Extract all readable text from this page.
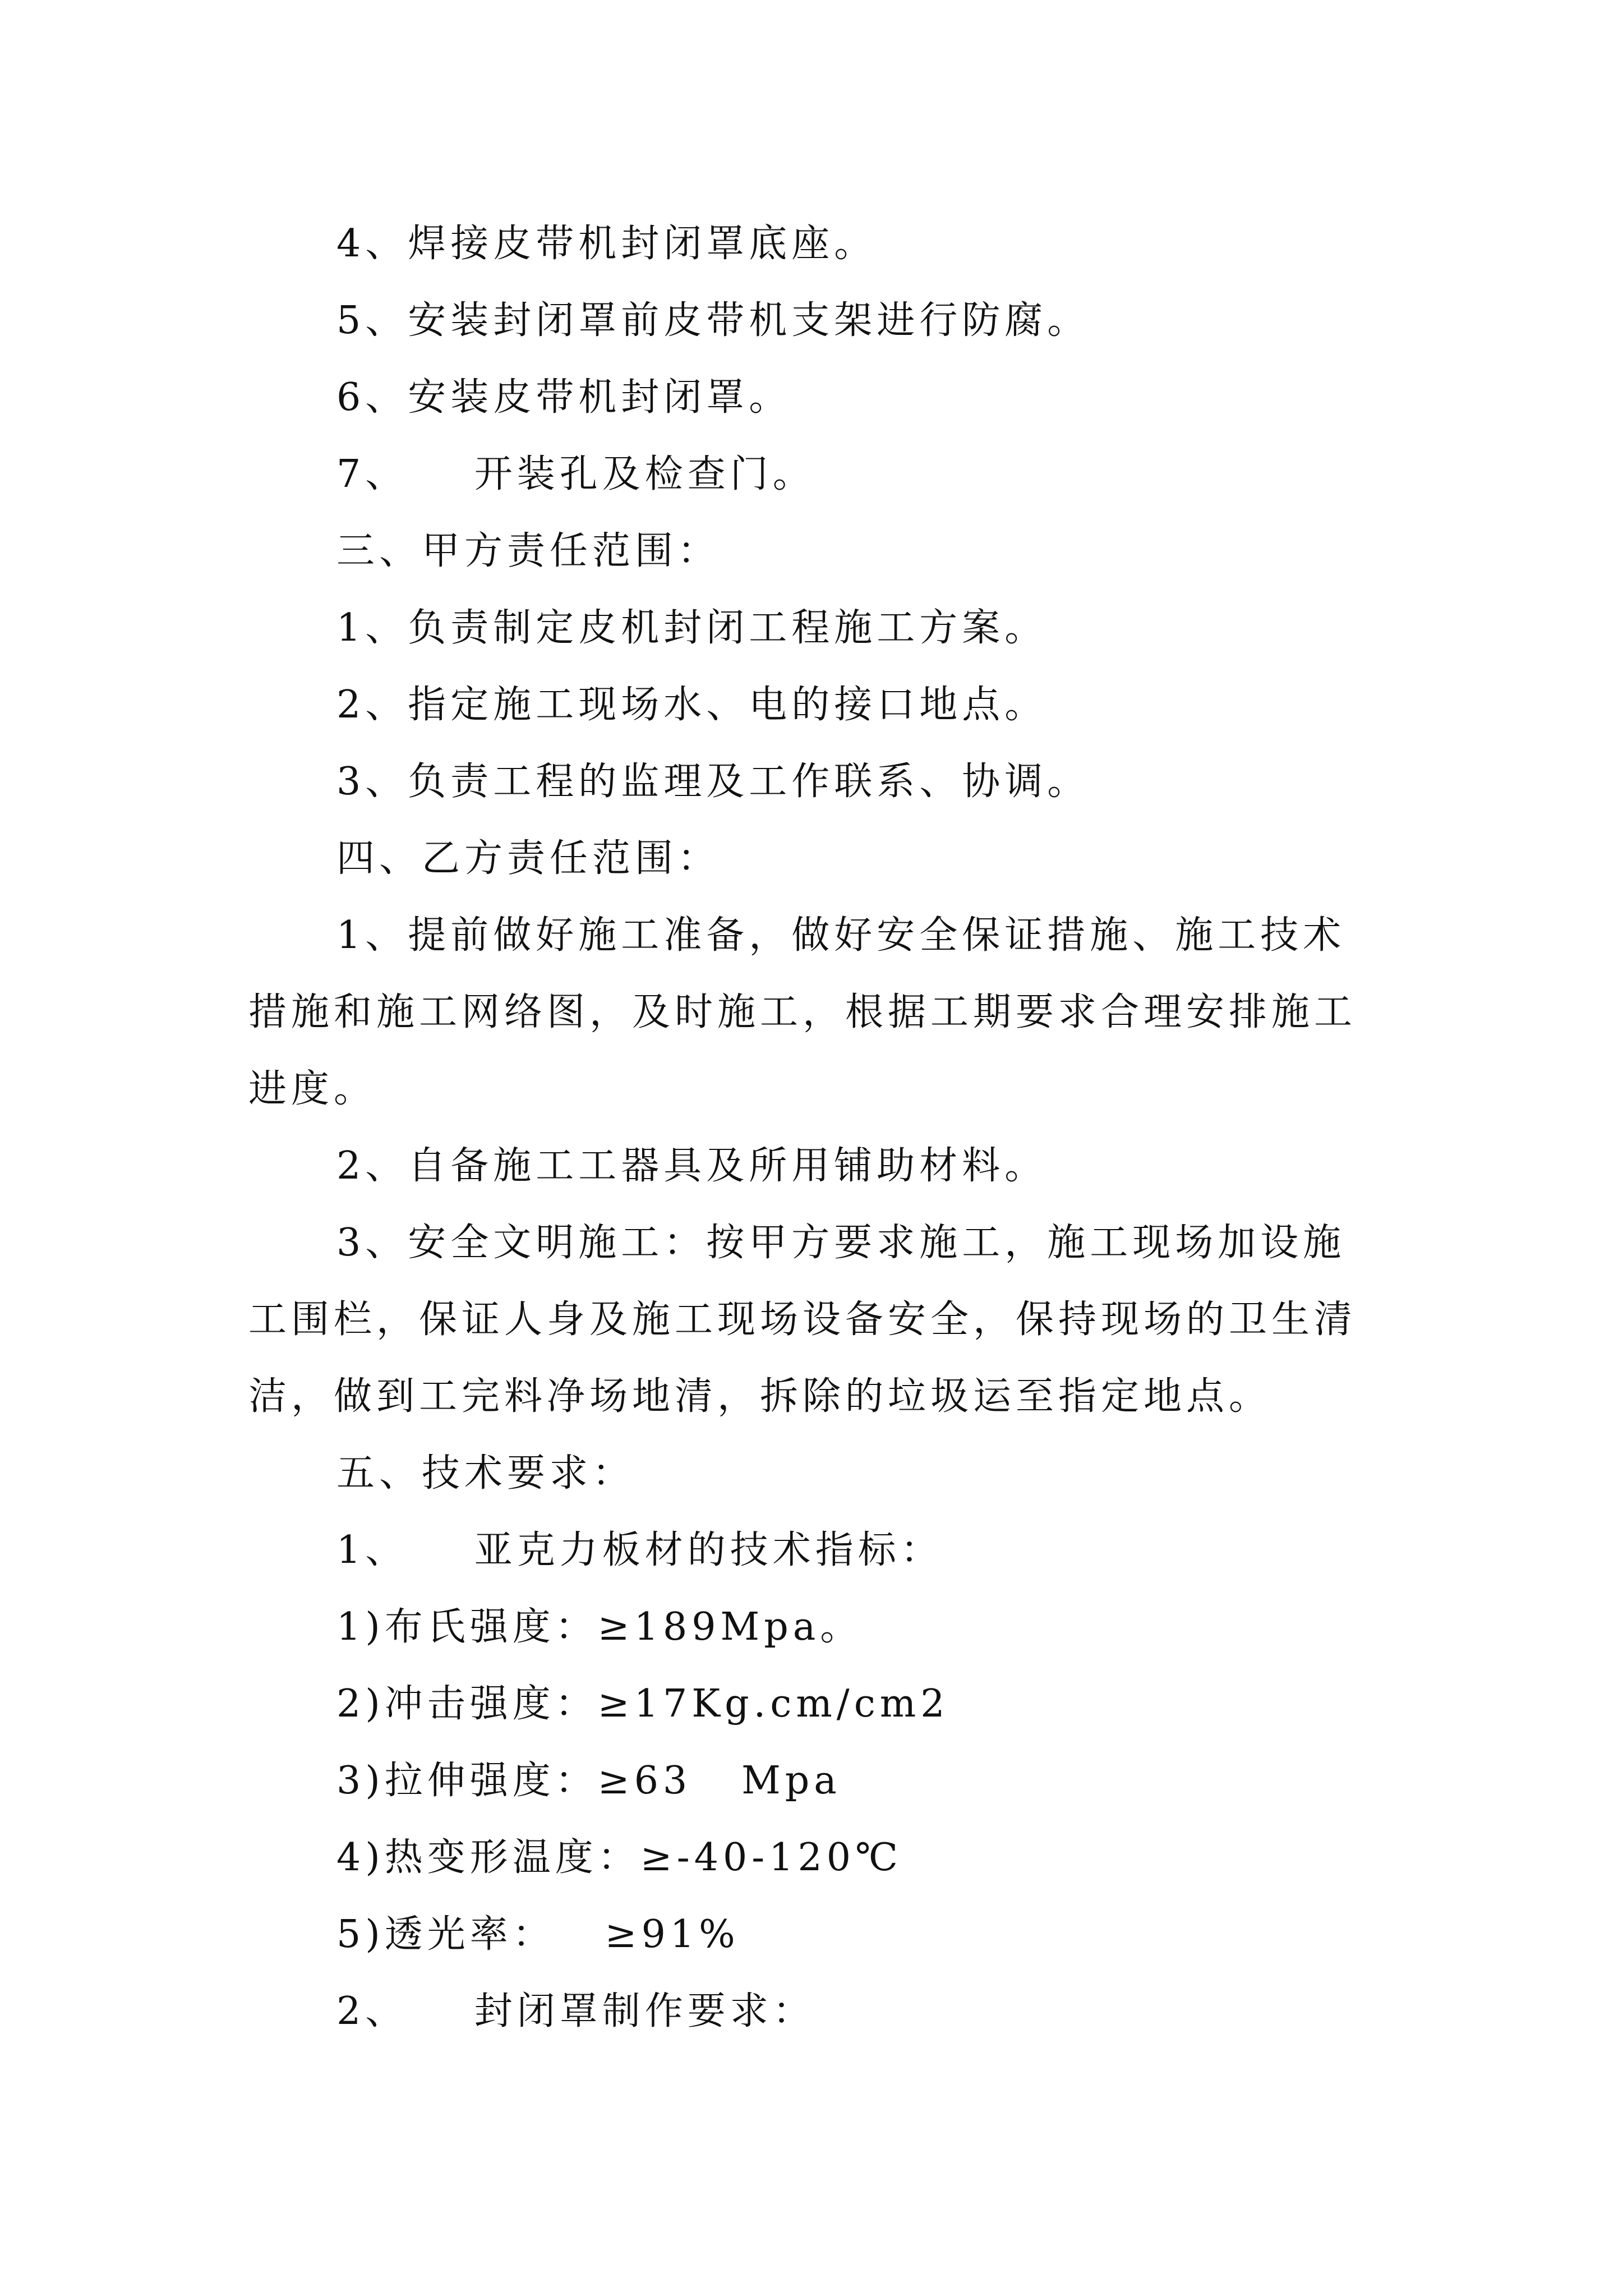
4、焊接皮带机封闭罩底座。
5、安装封闭罩前皮带机支架进行防腐。
6、安装皮带机封闭罩。
7、    开装孔及检查门。
三、甲方责任范围：
1、负责制定皮机封闭工程施工方案。
2、指定施工现场水、电的接口地点。
3、负责工程的监理及工作联系、协调。
四、乙方责任范围：
1、提前做好施工准备，做好安全保证措施、施工技术
措施和施工网络图，及时施工，根据工期要求合理安排施工
进度。
2、自备施工工器具及所用铺助材料。
3、安全文明施工：按甲方要求施工，施工现场加设施
工围栏，保证人身及施工现场设备安全，保持现场的卫生清
洁，做到工完料净场地清，拆除的垃圾运至指定地点。
五、技术要求：
1、    亚克力板材的技术指标：
1)布氏强度：≥189Mpa。
2)冲击强度：≥17Kg.cm/cm2
3)拉伸强度：≥63   Mpa
4)热变形温度：≥-40-120℃
5)透光率：   ≥91%
2、    封闭罩制作要求：
